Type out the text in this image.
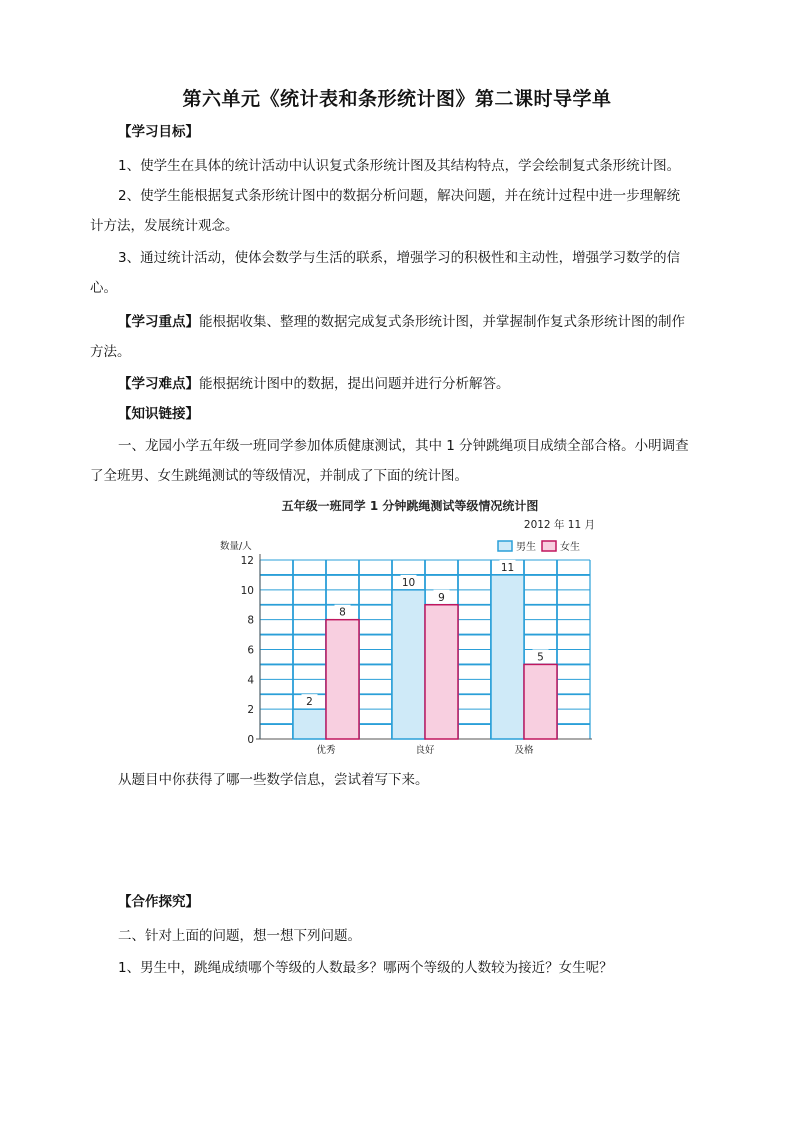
第六单元《统计表和条形统计图》第二课时导学单
【学习目标】
1、使学生在具体的统计活动中认识复式条形统计图及其结构特点，学会绘制复式条形统计图。
2、使学生能根据复式条形统计图中的数据分析问题，解决问题，并在统计过程中进一步理解统
计方法，发展统计观念。
3、通过统计活动，使体会数学与生活的联系，增强学习的积极性和主动性，增强学习数学的信
心。
【学习重点】能根据收集、整理的数据完成复式条形统计图，并掌握制作复式条形统计图的制作
方法。
【学习难点】能根据统计图中的数据，提出问题并进行分析解答。
【知识链接】
一、龙园小学五年级一班同学参加体质健康测试，其中 1 分钟跳绳项目成绩全部合格。小明调查
了全班男、女生跳绳测试的等级情况，并制成了下面的统计图。
五年级一班同学 1 分钟跳绳测试等级情况统计图
2012 年 11 月
数量/人	男生 女生
0
2
4
6
8
10
12
2
8
优秀
10
9
良好
11
5
及格
从题目中你获得了哪一些数学信息，尝试着写下来。
【合作探究】
二、针对上面的问题，想一想下列问题。
1、男生中，跳绳成绩哪个等级的人数最多？哪两个等级的人数较为接近？女生呢？
